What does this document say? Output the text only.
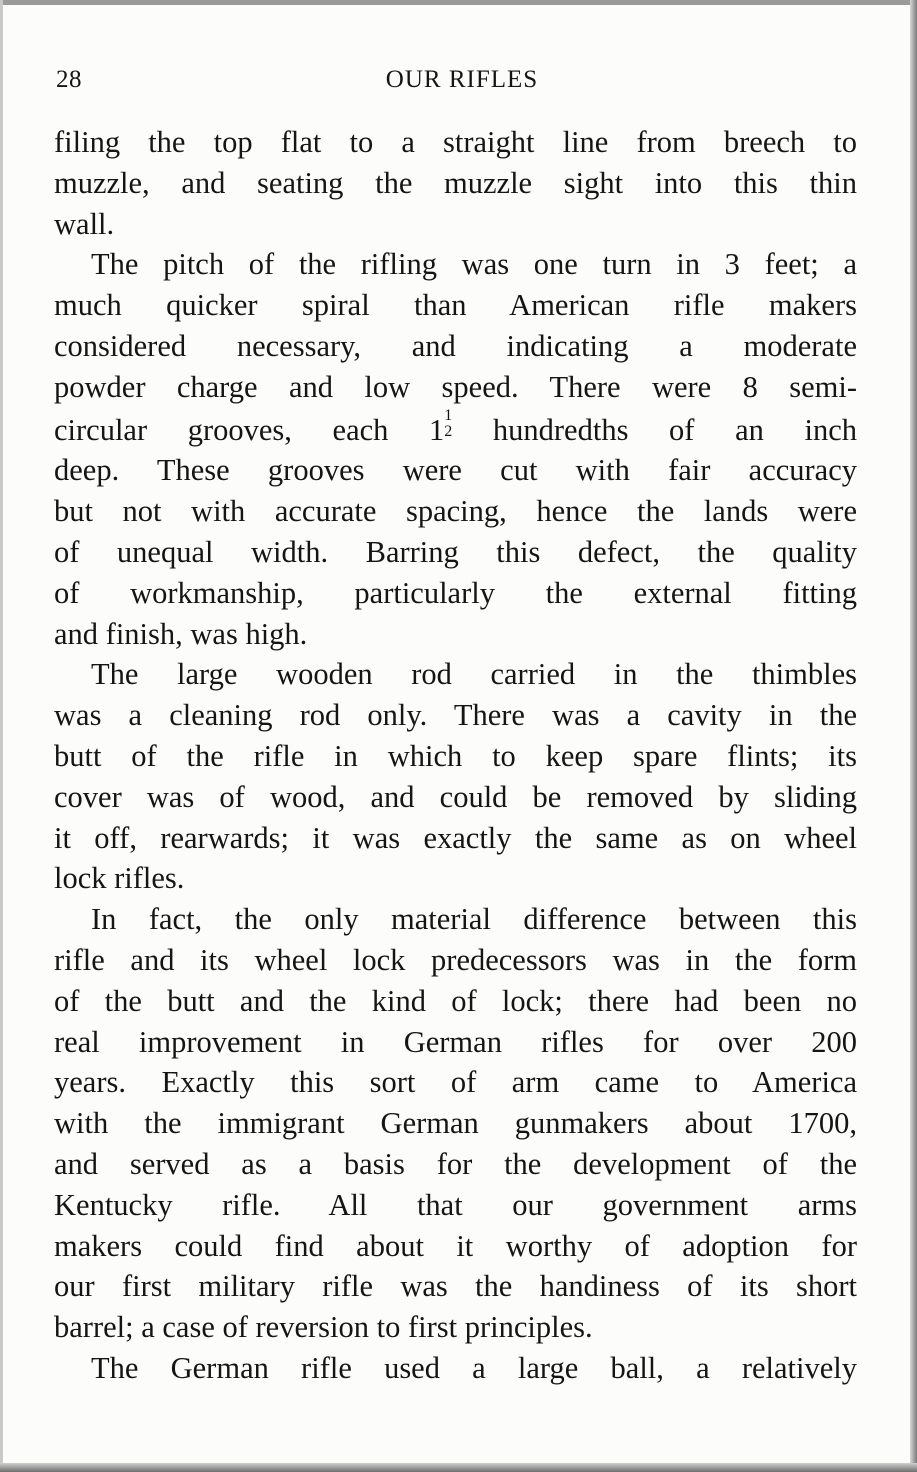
28	OUR RIFLES
filing the top flat to a straight line from breech to
muzzle, and seating the muzzle sight into this thin
wall.
The pitch of the rifling was one turn in 3 feet; a
much quicker spiral than American rifle makers
considered necessary, and indicating a moderate
powder charge and low speed. There were 8 semi-
circular grooves, each 11
2 hundredths of an inch
deep. These grooves were cut with fair accuracy
but not with accurate spacing, hence the lands were
of unequal width. Barring this defect, the quality
of workmanship, particularly the external fitting
and finish, was high.
The large wooden rod carried in the thimbles
was a cleaning rod only. There was a cavity in the
butt of the rifle in which to keep spare flints; its
cover was of wood, and could be removed by sliding
it off, rearwards; it was exactly the same as on wheel
lock rifles.
In fact, the only material difference between this
rifle and its wheel lock predecessors was in the form
of the butt and the kind of lock; there had been no
real improvement in German rifles for over 200
years. Exactly this sort of arm came to America
with the immigrant German gunmakers about 1700,
and served as a basis for the development of the
Kentucky rifle. All that our government arms
makers could find about it worthy of adoption for
our first military rifle was the handiness of its short
barrel; a case of reversion to first principles.
The German rifle used a large ball, a relatively
